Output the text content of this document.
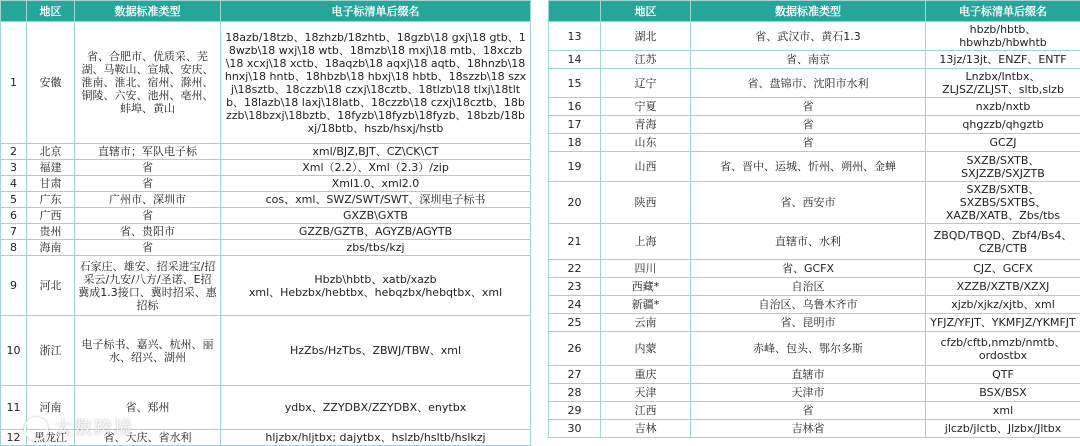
	地区	数据标准类型	电子标清单后缀名
1	安徽	省、合肥市、优质采、芜湖、马鞍山、宣城、安庆、淮南、淮北、宿州、滁州、铜陵、六安、池州、亳州、蚌埠、黄山	18azb/18tzb、18zhzb/18zhtb、18gzb\18 gxj\18 gtb、18wzb\18 wxj\18 wtb、18mzb\18 mxj\18 mtb、18xczb\18 xcxj\18 xctb、18aqzb\18 aqxj\18 aqtb、18hnzb\18 hnxj\18 hntb、18hbzb\18 hbxj\18 hbtb、18szzb\18 szxj\18sztb、18czzb\18 czxj\18cztb、18tlzb\18 tlxj\18tltb、18lazb\18 laxj\18latb、18czzb\18 czxj\18cztb、18bzzb\18bzxj\18bztb、18fyzb\18fyzb\18fyzb、18bzb/18bxj/18btb、hszb/hsxj/hstb
2	北京	直辖市；军队电子标	xml/BJZ,BJT、CZ\CK\CT
3	福建	省	Xml（2.2）、Xml（2.3）/zip
4	甘肃	省	Xml1.0、xml2.0
5	广东	广州市、深圳市	cos、xml、SWZ/SWT/SWT、深圳电子标书
6	广西	省	GXZB\GXTB
7	贵州	省、贵阳市	GZZB/GZTB、AGYZB/AGYTB
8	海南	省	zbs/tbs/kzj
9	河北	石家庄、雄安、招采进宝/招采云/九安/八方/圣诺、E招冀成1.3接口、冀时招采、惠招标	Hbzb\hbtb、xatb/xazb
xml、Hebzbx/hebtbx、hebqzbx/hebqtbx、xml
10	浙江	电子标书、嘉兴、杭州、丽水、绍兴、湖州	HzZbs/HzTbs、ZBWJ/TBW、xml
11	河南	省、郑州	ydbx、ZZYDBX/ZZYDBX、enytbx
12	黑龙江	省、大庆、省水利	hljzbx/hljtbx; dajytbx、hslzb/hsltb/hslkzj
	地区	数据标准类型	电子标清单后缀名
13	湖北	省、武汉市、黄石1.3	hbzb/hbtb、hbwhzb/hbwhtb
14	江苏	省、南京	13jz/13jt、ENZF、ENTF
15	辽宁	省、盘锦市、沈阳市水利	Lnzbx/lntbx、ZLJSZ/ZLJST、sltb,slzb
16	宁夏	省	nxzb/nxtb
17	青海	省	qhgzzb/qhgztb
18	山东	省	GCZJ
19	山西	省、晋中、运城、忻州、朔州、金蝉	SXZB/SXTB、SXJZZB/SXJZTB
20	陕西	省、西安市	SXZB/SXTB、SXZBS/SXTBS、XAZB/XATB、Zbs/tbs
21	上海	直辖市、水利	ZBQD/TBQD、Zbf4/Bs4、CZB/CTB
22	四川	省、GCFX	CJZ、GCFX
23	西藏*	自治区	XZZB/XZTB/XZXJ
24	新疆*	自治区、乌鲁木齐市	xjzb/xjkz/xjtb、xml
25	云南	省、昆明市	YFJZ/YFJT、YKMFJZ/YKMFJT
26	内蒙	赤峰、包头、鄂尔多斯	cfzb/cftb,nmzb/nmtb、ordostbx
27	重庆	直辖市	QTF
28	天津	天津市	BSX/BSX
29	江西	省	xml
30	吉林	吉林省	jlczb/jlctb、Jlzbx/Jltbx
大数跨境
